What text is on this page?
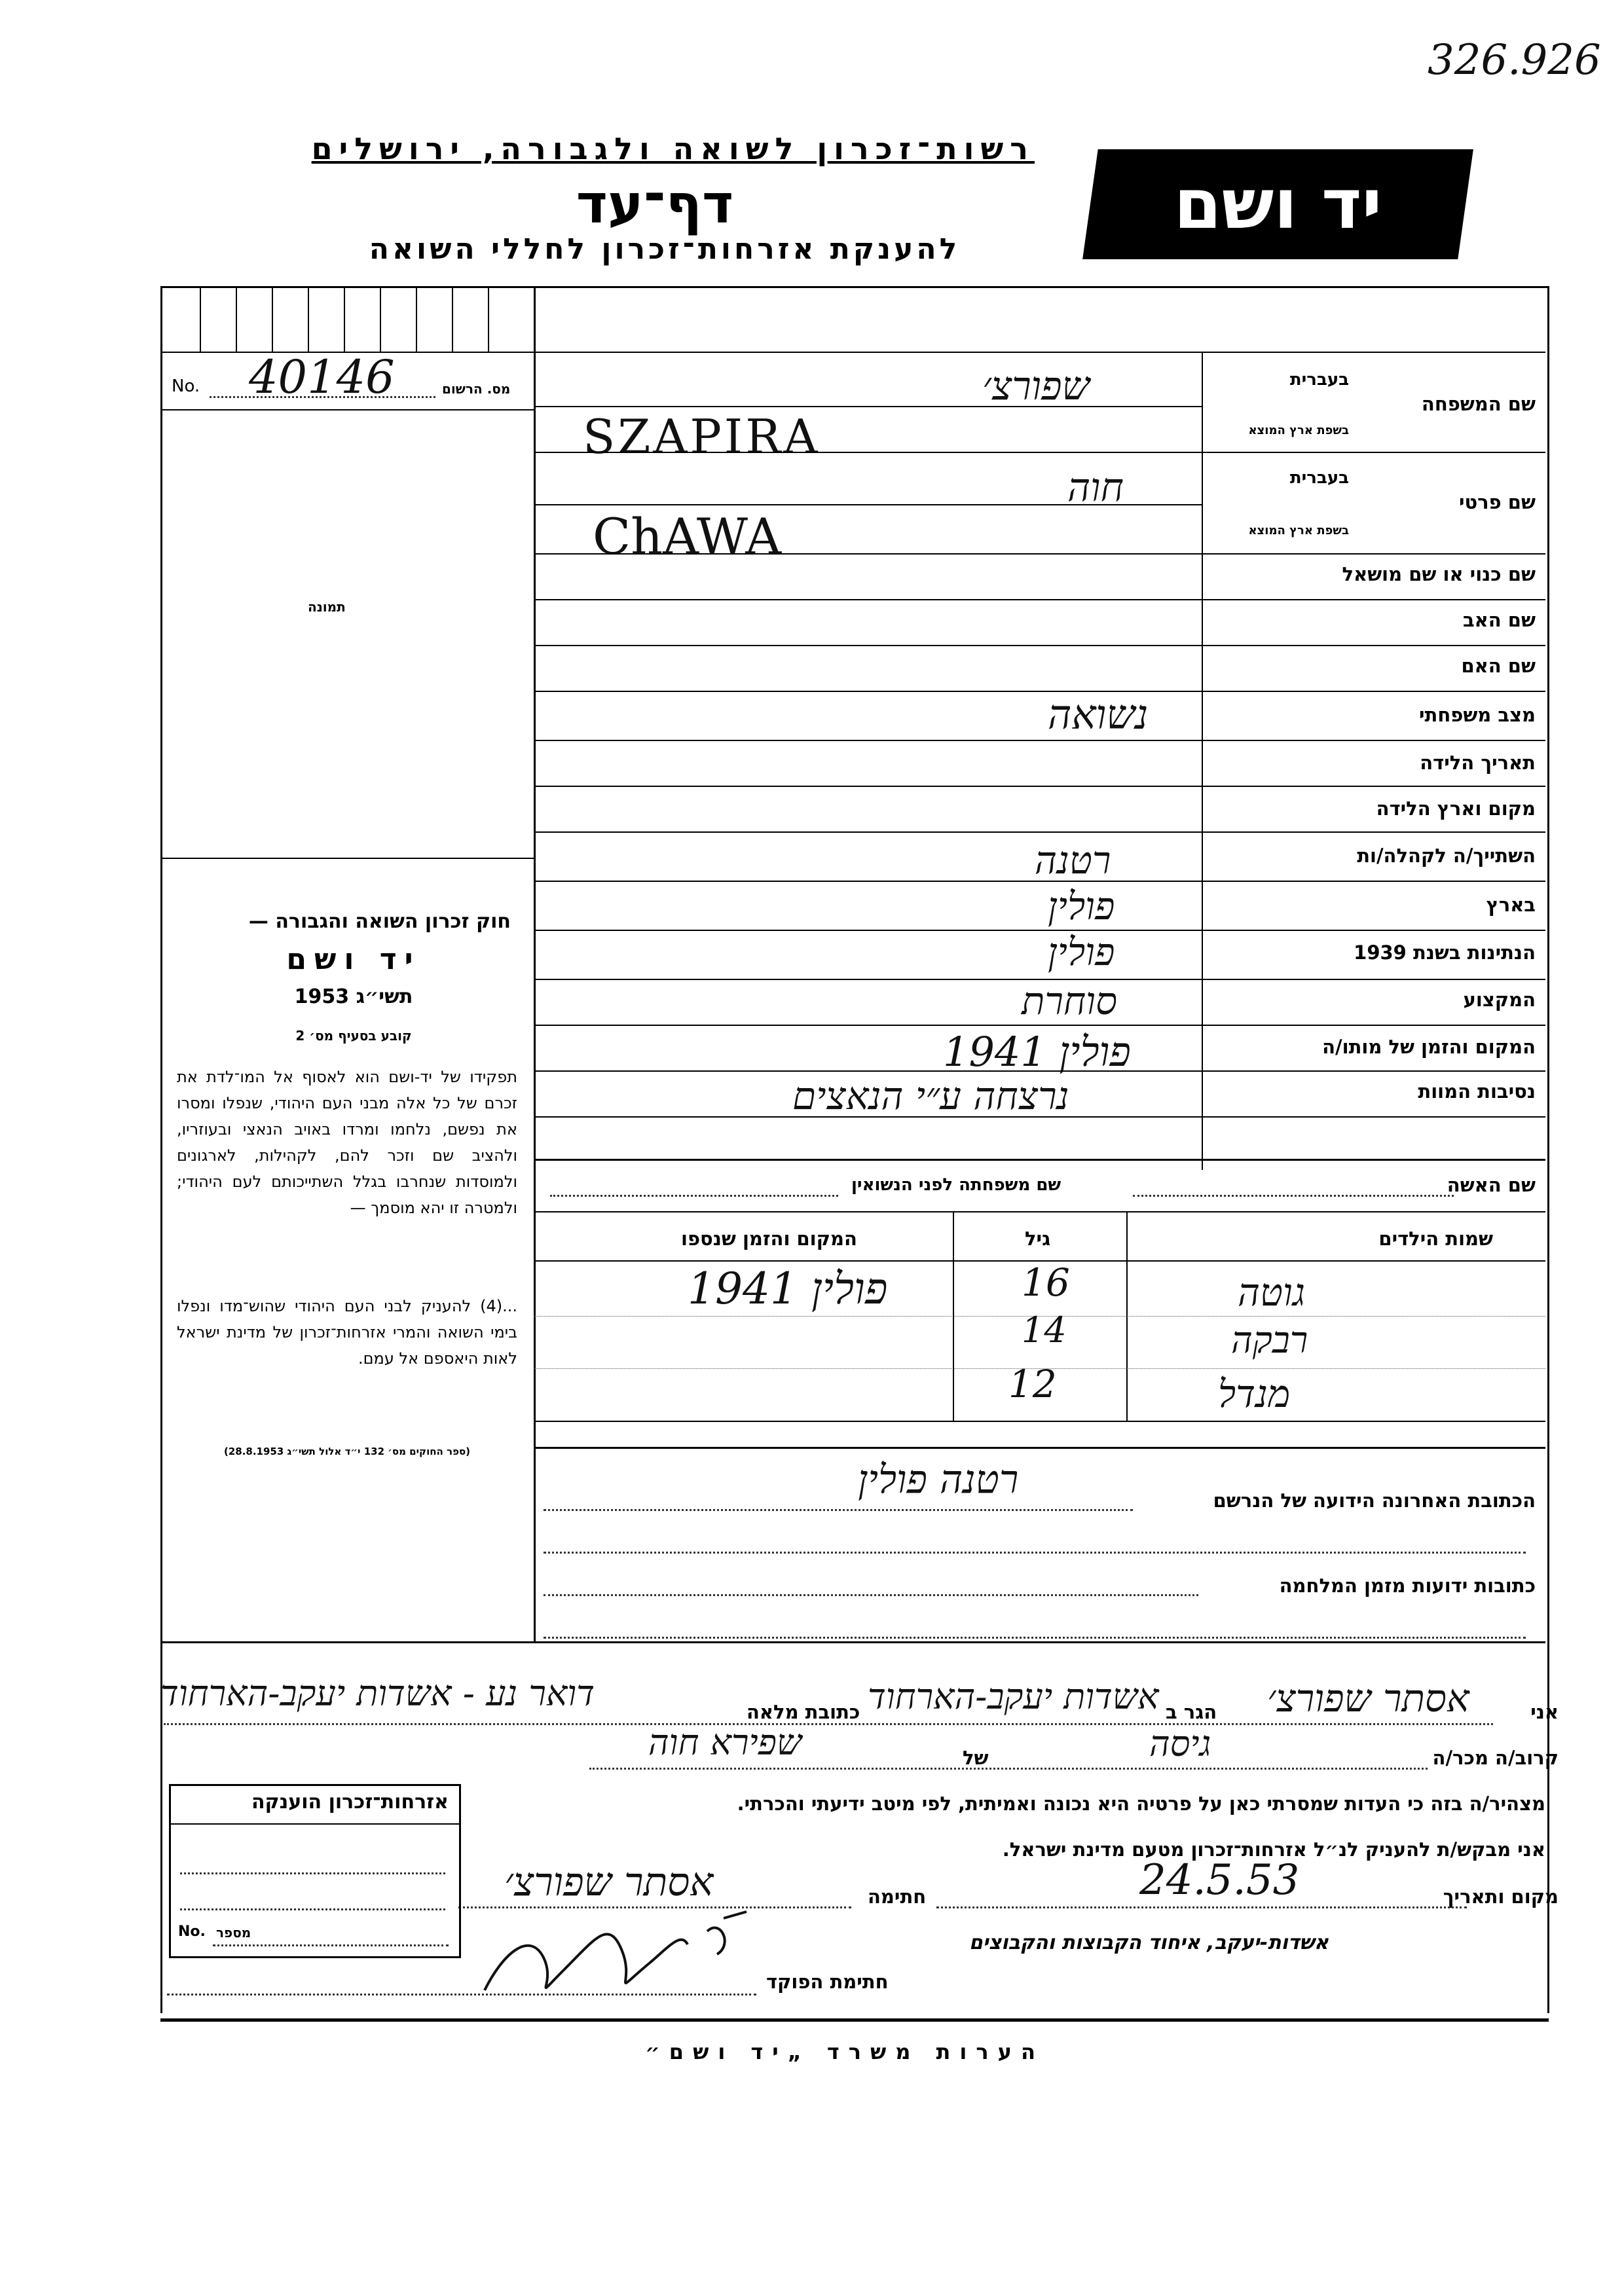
326.926
רשות־זכרון לשואה ולגבורה, ירושלים
דף־עד
להענקת אזרחות־זכרון לחללי השואה
יד ושם
No. 40146	מס. הרשום
תמונה
שם המשפחה
בעברית
בשפת ארץ המוצא
שפורצ׳
SZAPIRA
שם פרטי
בעברית
בשפת ארץ המוצא
חוה
ChAWA
שם כנוי או שם מושאל
שם האב
שם האם
מצב משפחתי
נשואה
תאריך הלידה
מקום וארץ הלידה
השתייך/ה לקהלה/ות
רטנה
בארץ
פולין
הנתינות בשנת 1939
פולין
המקצוע
סוחרת
המקום והזמן של מותו/ה
פולין 1941
נסיבות המוות
נרצחה ע״י הנאצים
שם האשה
שם משפחתה לפני הנשואין
שמות הילדים
גיל
המקום והזמן שנספו
גוטה
16
פולין 1941
רבקה
14
מנדל
12
הכתובת האחרונה הידועה של הנרשם
רטנה פולין
כתובות ידועות מזמן המלחמה
חוק זכרון השואה והגבורה —
יד ושם
תשי״ג 1953
קובע בסעיף מס׳ 2
תפקידו של יד-ושם הוא לאסוף אל המו־לדת את זכרם של כל אלה מבני העם היהודי, שנפלו ומסרו את נפשם, נלחמו ומרדו באויב הנאצי ובעוזריו, ולהציב שם וזכר להם, לקהילות, לארגונים ולמוסדות שנחרבו בגלל השתייכותם לעם היהודי; ולמטרה זו יהא מוסמך —
...(4) להעניק לבני העם היהודי שהוש־מדו ונפלו בימי השואה והמרי אזרחות־זכרון של מדינת ישראל לאות היאספם אל עמם.
(ספר החוקים מס׳ 132 י״ד אלול תשי״ג 28.8.1953)
אני
אסתר שפורצ׳
הגר ב
אשדות יעקב-הארחוד
כתובת מלאה
דואר נע - אשדות יעקב-הארחוד
קרוב/ה מכר/ה
גיסה
של
שפירא חוה
מצהיר/ה בזה כי העדות שמסרתי כאן על פרטיה היא נכונה ואמיתית, לפי מיטב ידיעתי והכרתי.
אני מבקש/ת להעניק לנ״ל אזרחות־זכרון מטעם מדינת ישראל.
מקום ותאריך
24.5.53
חתימה
אסתר שפורצ׳
אשדות-יעקב, איחוד הקבוצות והקבוצים
חתימת הפוקד
אזרחות־זכרון הוענקה
No. מספר
הערות משרד „יד ושם״
